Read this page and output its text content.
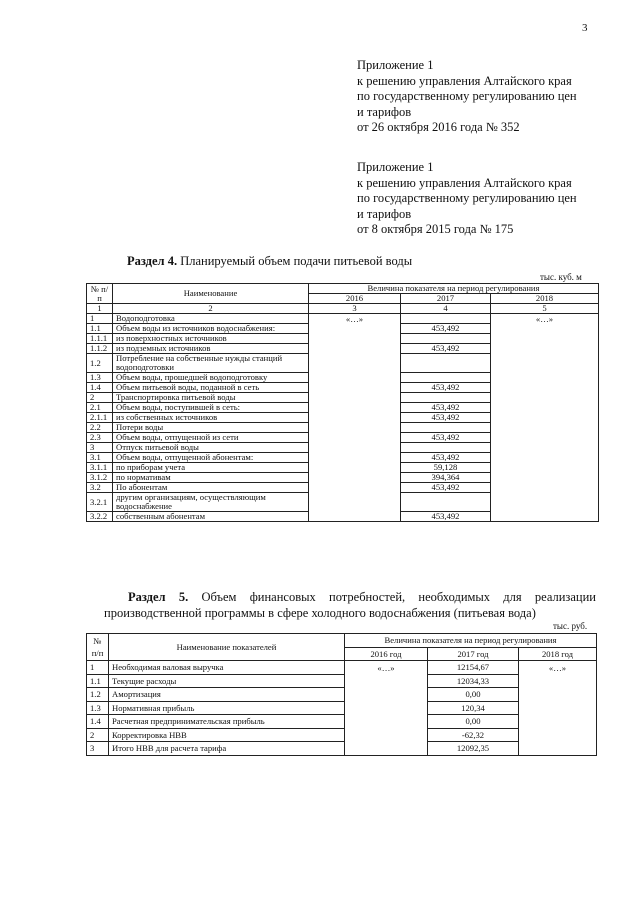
3
Приложение 1
к решению управления Алтайского края
по государственному регулированию цен
и тарифов
от 26 октября 2016 года № 352
Приложение 1
к решению управления Алтайского края
по государственному регулированию цен
и тарифов
от 8 октября 2015 года № 175
Раздел 4. Планируемый объем подачи питьевой воды
тыс. куб. м
№ п/п	Наименование	Величина показателя на период регулирования		
		2016	2017	2018
1	2	3	4	5
1	Водоподготовка	«…»		«…»
1.1	Объем воды из источников водоснабжения:		453,492	
1.1.1	из поверхностных источников			
1.1.2	из подземных источников		453,492	
1.2	Потребление на собственные нужды станций водоподготовки			
1.3	Объем воды, прошедшей водоподготовку			
1.4	Объем питьевой воды, поданной в сеть		453,492	
2	Транспортировка питьевой воды			
2.1	Объем воды, поступившей в сеть:		453,492	
2.1.1	из собственных источников		453,492	
2.2	Потери воды			
2.3	Объем воды, отпущенной из сети		453,492	
3	Отпуск питьевой воды			
3.1	Объем воды, отпущенной абонентам:		453,492	
3.1.1	по приборам учета		59,128	
3.1.2	по нормативам		394,364	
3.2	По абонентам		453,492	
3.2.1	другим организациям, осуществляющим водоснабжение			
3.2.2	собственным абонентам		453,492	
Раздел 5. Объем финансовых потребностей, необходимых для реализации производственной программы в сфере холодного водоснабжения (питьевая вода)
тыс. руб.
№ п/п	Наименование показателей	Величина показателя на период регулирования		
		2016 год	2017 год	2018 год
1	Необходимая валовая выручка	«…»	12154,67	«…»
1.1	Текущие расходы		12034,33	
1.2	Амортизация		0,00	
1.3	Нормативная прибыль		120,34	
1.4	Расчетная предпринимательская прибыль		0,00	
2	Корректировка НВВ		-62,32	
3	Итого НВВ для расчета тарифа		12092,35	
